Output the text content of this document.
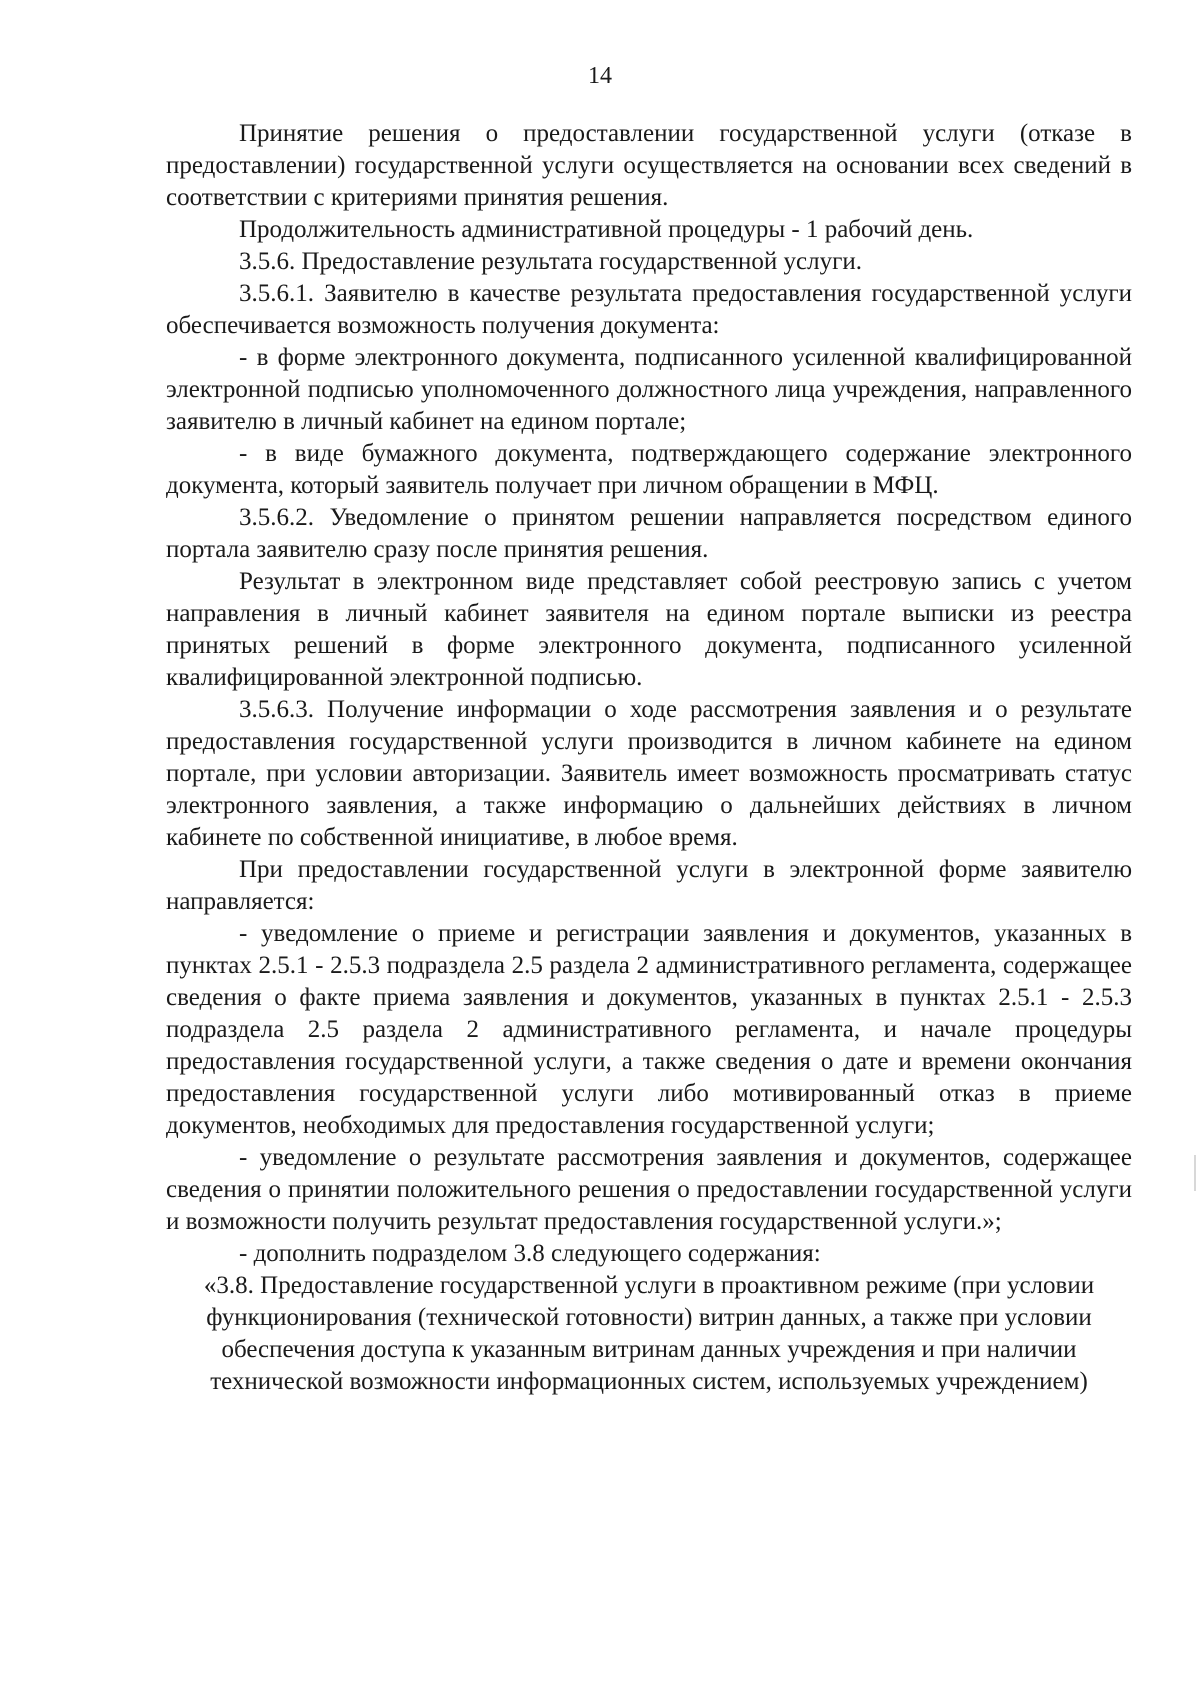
14

Принятие решения о предоставлении государственной услуги (отказе в предоставлении) государственной услуги осуществляется на основании всех сведений в соответствии с критериями принятия решения.

Продолжительность административной процедуры - 1 рабочий день.

3.5.6. Предоставление результата государственной услуги.

3.5.6.1. Заявителю в качестве результата предоставления государственной услуги обеспечивается возможность получения документа:

- в форме электронного документа, подписанного усиленной квалифицированной электронной подписью уполномоченного должностного лица учреждения, направленного заявителю в личный кабинет на едином портале;

- в виде бумажного документа, подтверждающего содержание электронного документа, который заявитель получает при личном обращении в МФЦ.

3.5.6.2. Уведомление о принятом решении направляется посредством единого портала заявителю сразу после принятия решения.

Результат в электронном виде представляет собой реестровую запись с учетом направления в личный кабинет заявителя на едином портале выписки из реестра принятых решений в форме электронного документа, подписанного усиленной квалифицированной электронной подписью.

3.5.6.3. Получение информации о ходе рассмотрения заявления и о результате предоставления государственной услуги производится в личном кабинете на едином портале, при условии авторизации. Заявитель имеет возможность просматривать статус электронного заявления, а также информацию о дальнейших действиях в личном кабинете по собственной инициативе, в любое время.

При предоставлении государственной услуги в электронной форме заявителю направляется:

- уведомление о приеме и регистрации заявления и документов, указанных в пунктах 2.5.1 - 2.5.3 подраздела 2.5 раздела 2 административного регламента, содержащее сведения о факте приема заявления и документов, указанных в пунктах 2.5.1 - 2.5.3 подраздела 2.5 раздела 2 административного регламента, и начале процедуры предоставления государственной услуги, а также сведения о дате и времени окончания предоставления государственной услуги либо мотивированный отказ в приеме документов, необходимых для предоставления государственной услуги;

- уведомление о результате рассмотрения заявления и документов, содержащее сведения о принятии положительного решения о предоставлении государственной услуги и возможности получить результат предоставления государственной услуги.»;

- дополнить подразделом 3.8 следующего содержания:

«3.8. Предоставление государственной услуги в проактивном режиме (при условии функционирования (технической готовности) витрин данных, а также при условии обеспечения доступа к указанным витринам данных учреждения и при наличии технической возможности информационных систем, используемых учреждением)
